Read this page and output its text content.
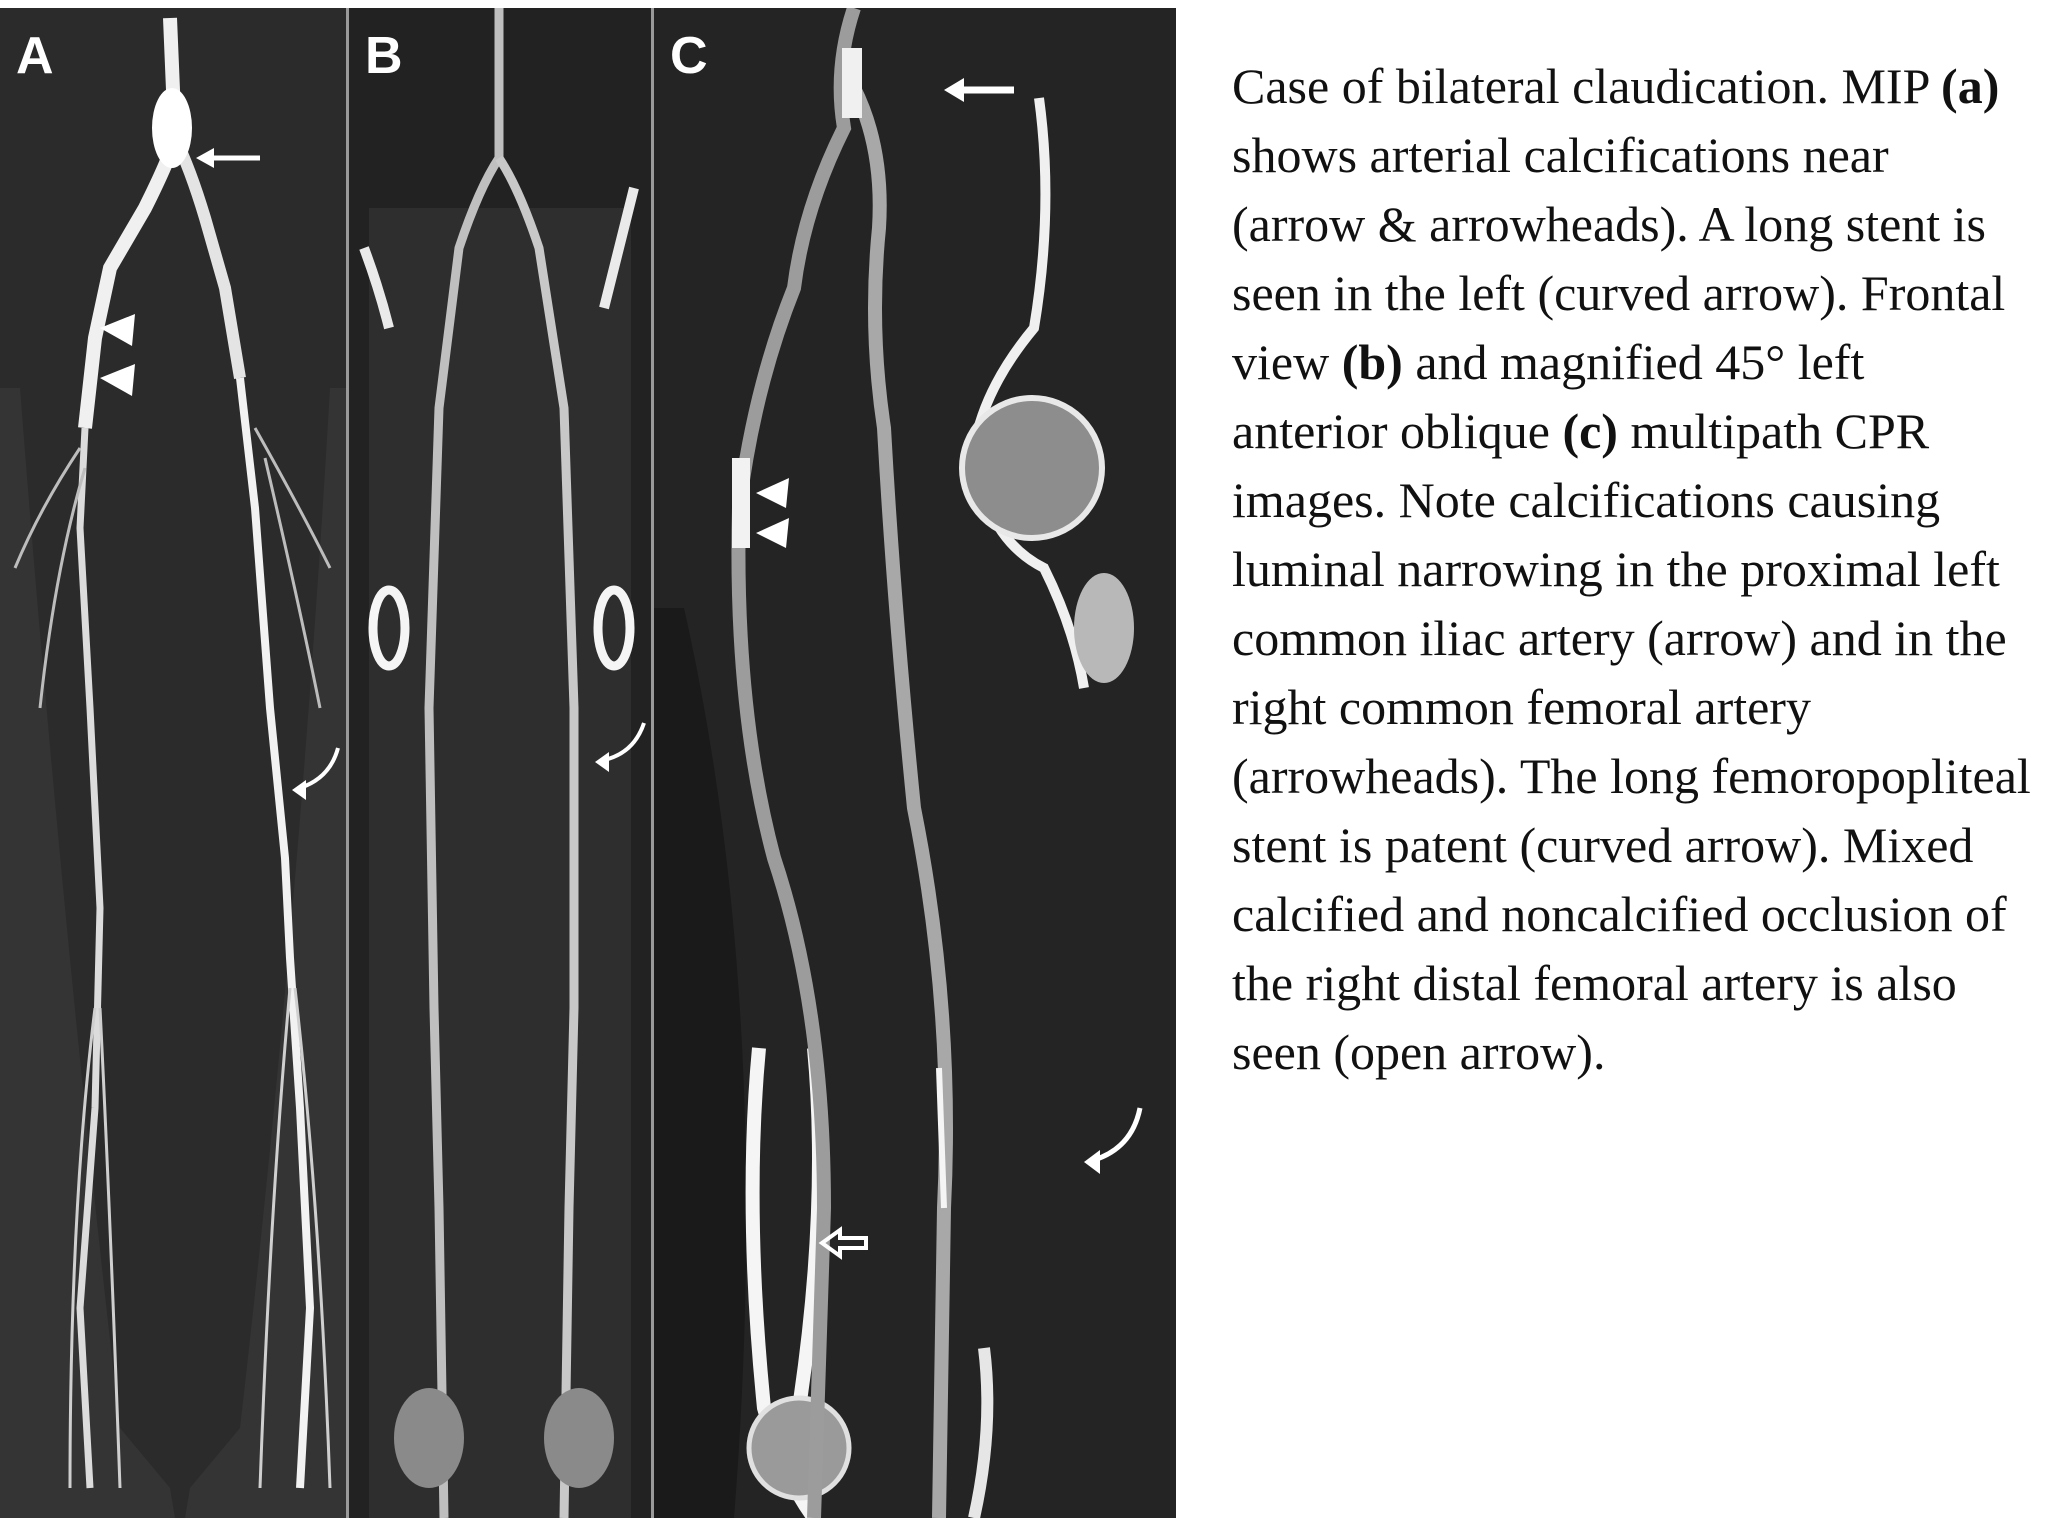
A	B	C
Case of bilateral claudication. MIP (a) shows arterial calcifications near (arrow & arrowheads). A long stent is seen in the left (curved arrow). Frontal view (b) and magnified 45° left anterior oblique (c) multipath CPR images. Note calcifications causing luminal narrowing in the proximal left common iliac artery (arrow) and in the right common femoral artery (arrowheads). The long femoropopliteal stent is patent (curved arrow). Mixed calcified and noncalcified occlusion of the right distal femoral artery is also seen (open arrow).
